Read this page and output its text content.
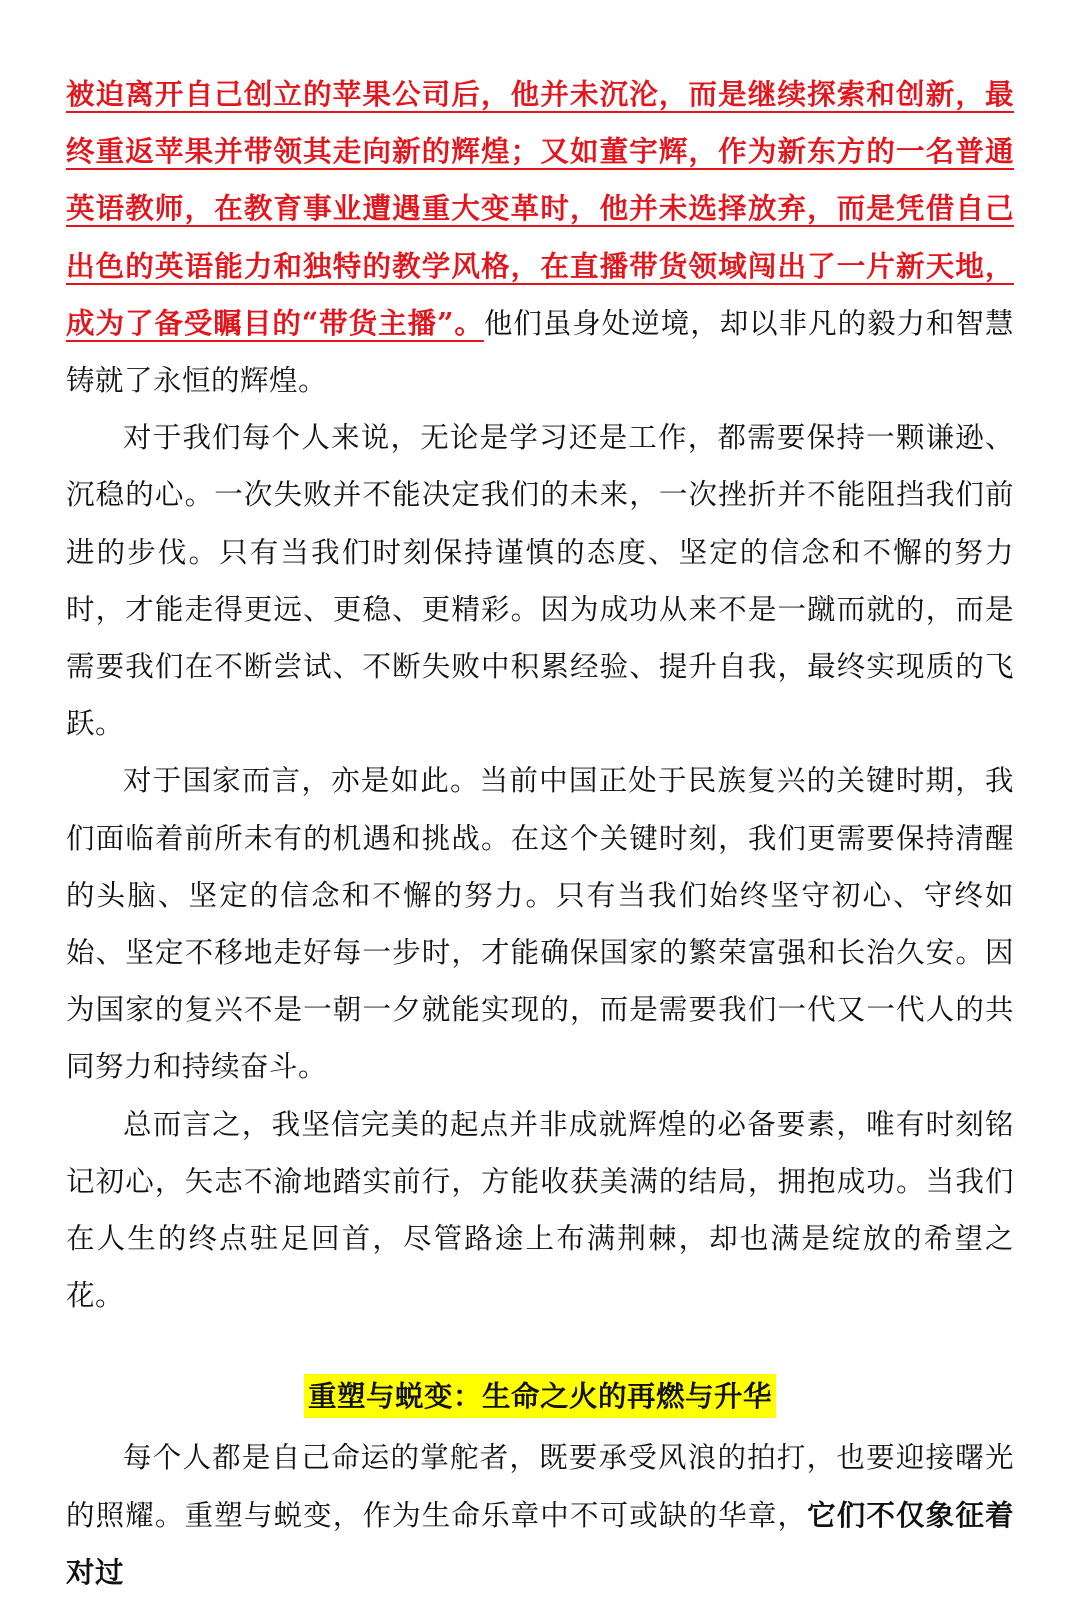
被迫离开自己创立的苹果公司后，他并未沉沦，而是继续探索和创新，最终重返苹果并带领其走向新的辉煌；又如董宇辉，作为新东方的一名普通英语教师，在教育事业遭遇重大变革时，他并未选择放弃，而是凭借自己出色的英语能力和独特的教学风格，在直播带货领域闯出了一片新天地，成为了备受瞩目的“带货主播”。他们虽身处逆境，却以非凡的毅力和智慧铸就了永恒的辉煌。

对于我们每个人来说，无论是学习还是工作，都需要保持一颗谦逊、沉稳的心。一次失败并不能决定我们的未来，一次挫折并不能阻挡我们前进的步伐。只有当我们时刻保持谨慎的态度、坚定的信念和不懈的努力时，才能走得更远、更稳、更精彩。因为成功从来不是一蹴而就的，而是需要我们在不断尝试、不断失败中积累经验、提升自我，最终实现质的飞跃。

对于国家而言，亦是如此。当前中国正处于民族复兴的关键时期，我们面临着前所未有的机遇和挑战。在这个关键时刻，我们更需要保持清醒的头脑、坚定的信念和不懈的努力。只有当我们始终坚守初心、守终如始、坚定不移地走好每一步时，才能确保国家的繁荣富强和长治久安。因为国家的复兴不是一朝一夕就能实现的，而是需要我们一代又一代人的共同努力和持续奋斗。

总而言之，我坚信完美的起点并非成就辉煌的必备要素，唯有时刻铭记初心，矢志不渝地踏实前行，方能收获美满的结局，拥抱成功。当我们在人生的终点驻足回首，尽管路途上布满荆棘，却也满是绽放的希望之花。

重塑与蜕变：生命之火的再燃与升华

每个人都是自己命运的掌舵者，既要承受风浪的拍打，也要迎接曙光的照耀。重塑与蜕变，作为生命乐章中不可或缺的华章，它们不仅象征着对过
